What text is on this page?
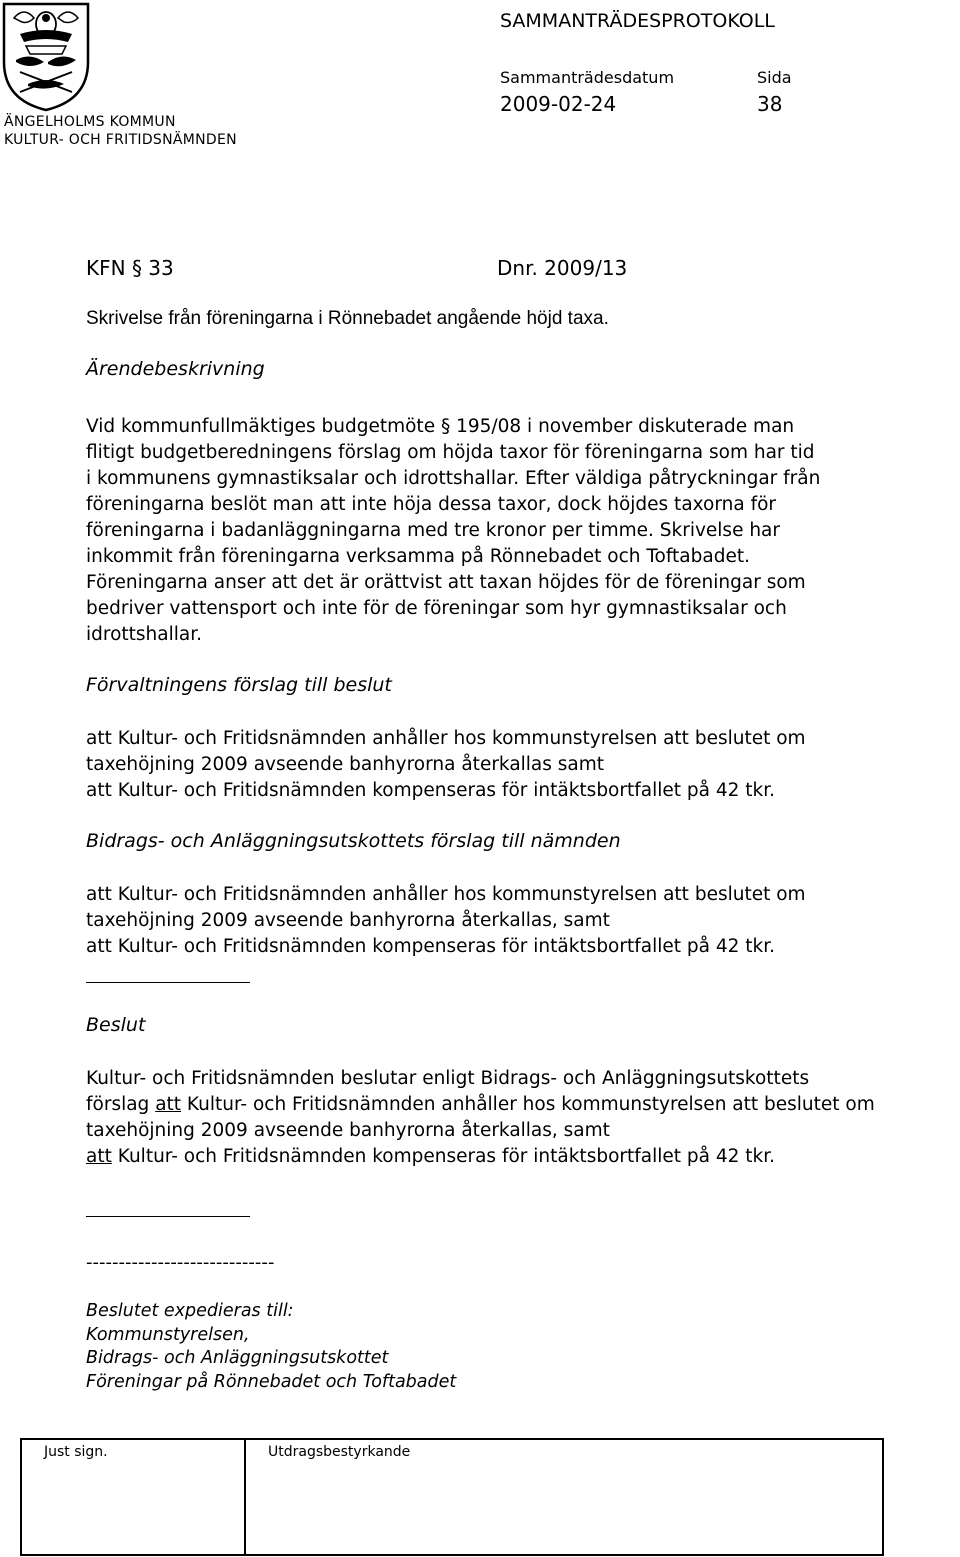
SAMMANTRÄDESPROTOKOLL
Sammanträdesdatum
2009-02-24
Sida
38
ÄNGELHOLMS KOMMUN
KULTUR- OCH FRITIDSNÄMNDEN
KFN § 33	Dnr. 2009/13
Skrivelse från föreningarna i Rönnebadet angående höjd taxa.
Ärendebeskrivning

Vid kommunfullmäktiges budgetmöte § 195/08 i november diskuterade man

flitigt budgetberedningens förslag om höjda taxor för föreningarna som har tid

i kommunens gymnastiksalar och idrottshallar. Efter väldiga påtryckningar från

föreningarna beslöt man att inte höja dessa taxor, dock höjdes taxorna för

föreningarna i badanläggningarna med tre kronor per timme. Skrivelse har

inkommit från föreningarna verksamma på Rönnebadet och Toftabadet.

Föreningarna anser att det är orättvist att taxan höjdes för de föreningar som

bedriver vattensport och inte för de föreningar som hyr gymnastiksalar och

idrottshallar.

Förvaltningens förslag till beslut

att Kultur- och Fritidsnämnden anhåller hos kommunstyrelsen att beslutet om

taxehöjning 2009 avseende banhyrorna återkallas samt

att Kultur- och Fritidsnämnden kompenseras för intäktsbortfallet på 42 tkr.

Bidrags- och Anläggningsutskottets förslag till nämnden

att Kultur- och Fritidsnämnden anhåller hos kommunstyrelsen att beslutet om

taxehöjning 2009 avseende banhyrorna återkallas, samt

att Kultur- och Fritidsnämnden kompenseras för intäktsbortfallet på 42 tkr.

Beslut

Kultur- och Fritidsnämnden beslutar enligt Bidrags- och Anläggningsutskottets

förslag att Kultur- och Fritidsnämnden anhåller hos kommunstyrelsen att beslutet om

taxehöjning 2009 avseende banhyrorna återkallas, samt

att Kultur- och Fritidsnämnden kompenseras för intäktsbortfallet på 42 tkr.

-----------------------------
Beslutet expedieras till:
Kommunstyrelsen,
Bidrags- och Anläggningsutskottet
Föreningar på Rönnebadet och Toftabadet
Just sign.	Utdragsbestyrkande
